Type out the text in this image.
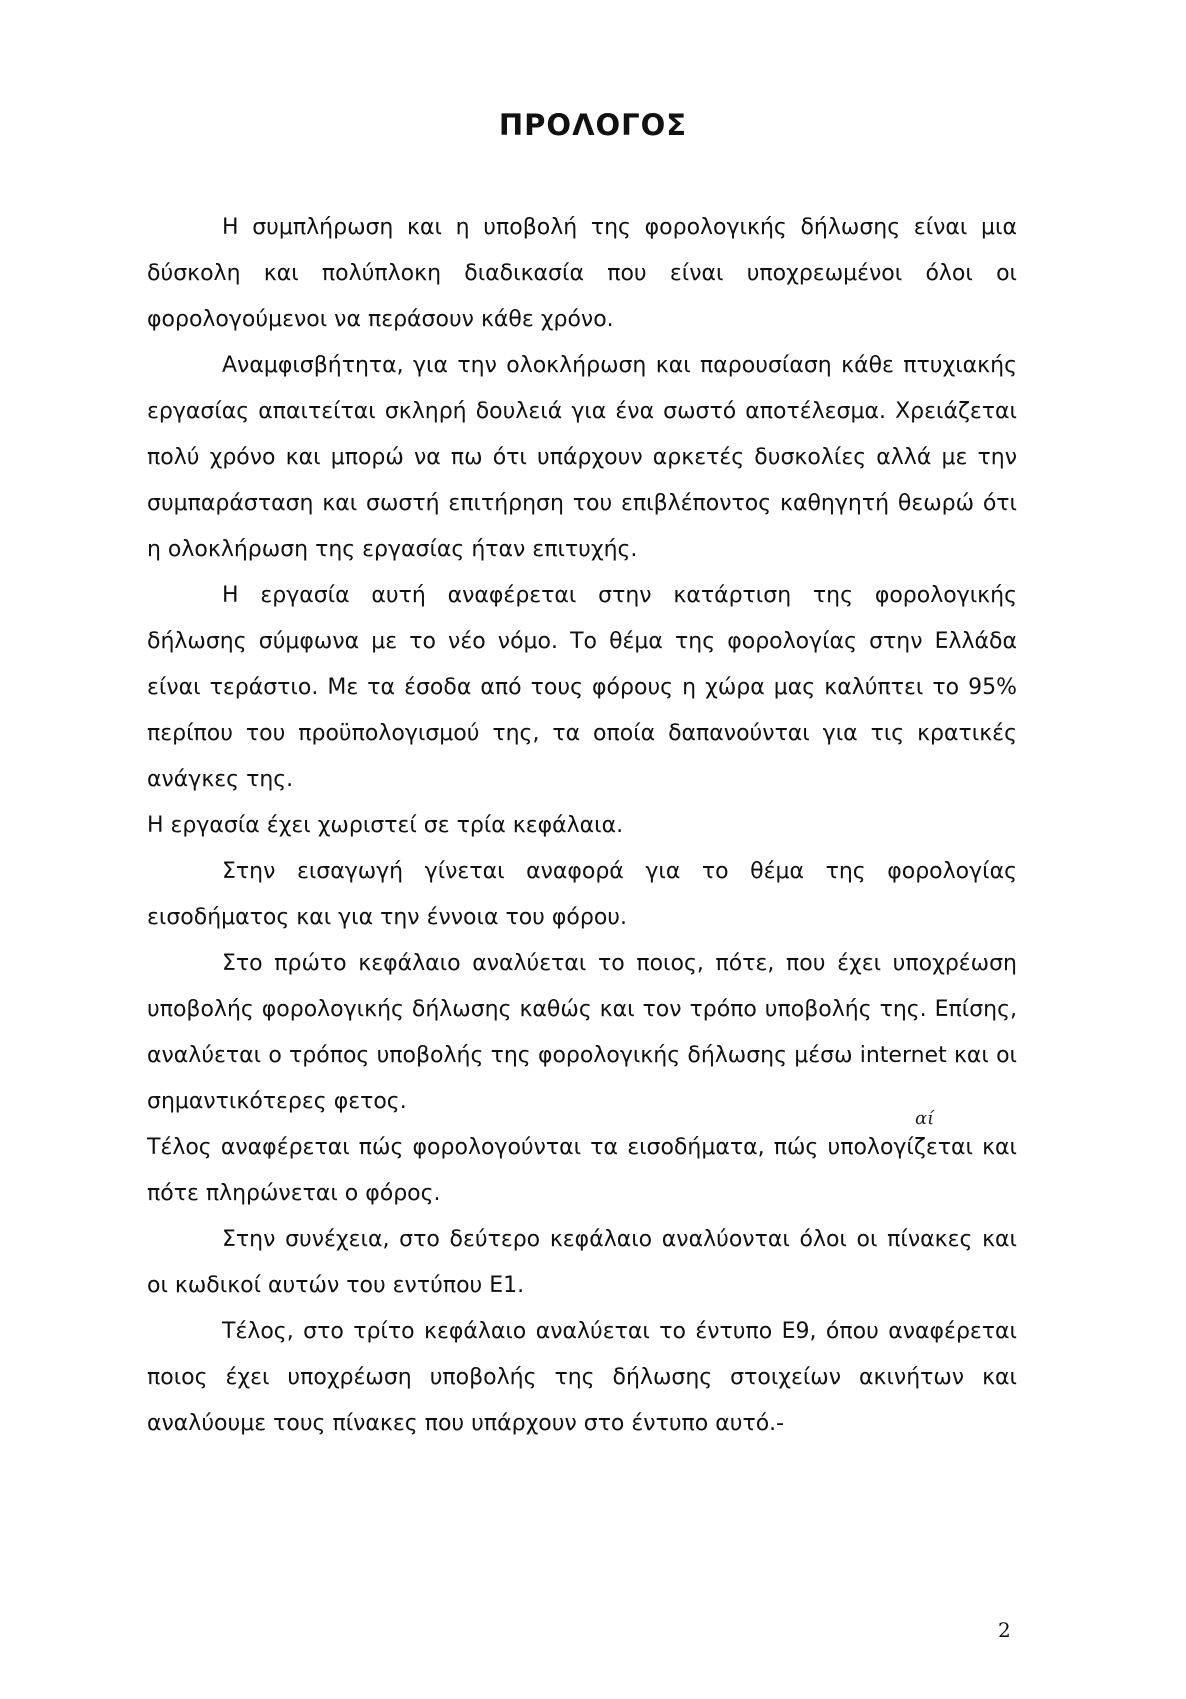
ΠΡΟΛΟΓΟΣ

Η συμπλήρωση και η υποβολή της φορολογικής δήλωσης είναι μια δύσκολη και πολύπλοκη διαδικασία που είναι υποχρεωμένοι όλοι οι φορολογούμενοι να περάσουν κάθε χρόνο.

Αναμφισβήτητα, για την ολοκλήρωση και παρουσίαση κάθε πτυχιακής εργασίας απαιτείται σκληρή δουλειά για ένα σωστό αποτέλεσμα. Χρειάζεται πολύ χρόνο και μπορώ να πω ότι υπάρχουν αρκετές δυσκολίες αλλά με την συμπαράσταση και σωστή επιτήρηση του επιβλέποντος καθηγητή θεωρώ ότι η ολοκλήρωση της εργασίας ήταν επιτυχής.

Η εργασία αυτή αναφέρεται στην κατάρτιση της φορολογικής δήλωσης σύμφωνα με το νέο νόμο. Το θέμα της φορολογίας στην Ελλάδα είναι τεράστιο. Με τα έσοδα από τους φόρους η χώρα μας καλύπτει το 95% περίπου του προϋπολογισμού της, τα οποία δαπανούνται για τις κρατικές ανάγκες της.

Η εργασία έχει χωριστεί σε τρία κεφάλαια.

Στην εισαγωγή γίνεται αναφορά για το θέμα της φορολογίας εισοδήματος και για την έννοια του φόρου.

Στο πρώτο κεφάλαιο αναλύεται το ποιος, πότε, που έχει υποχρέωση υποβολής φορολογικής δήλωσης καθώς και τον τρόπο υποβολής της. Επίσης, αναλύεται ο τρόπος υποβολής της φορολογικής δήλωσης μέσω internet και οι σημαντικότερες φετος.

Τέλος αναφέρεται πώς φορολογούνται τα εισοδήματα, πώς υπολογίζεται και πότε πληρώνεται ο φόρος.

Στην συνέχεια, στο δεύτερο κεφάλαιο αναλύονται όλοι οι πίνακες και οι κωδικοί αυτών του εντύπου Ε1.

Τέλος, στο τρίτο κεφάλαιο αναλύεται το έντυπο Ε9, όπου αναφέρεται ποιος έχει υποχρέωση υποβολής της δήλωσης στοιχείων ακινήτων και αναλύουμε τους πίνακες που υπάρχουν στο έντυπο αυτό.-

αί
2
